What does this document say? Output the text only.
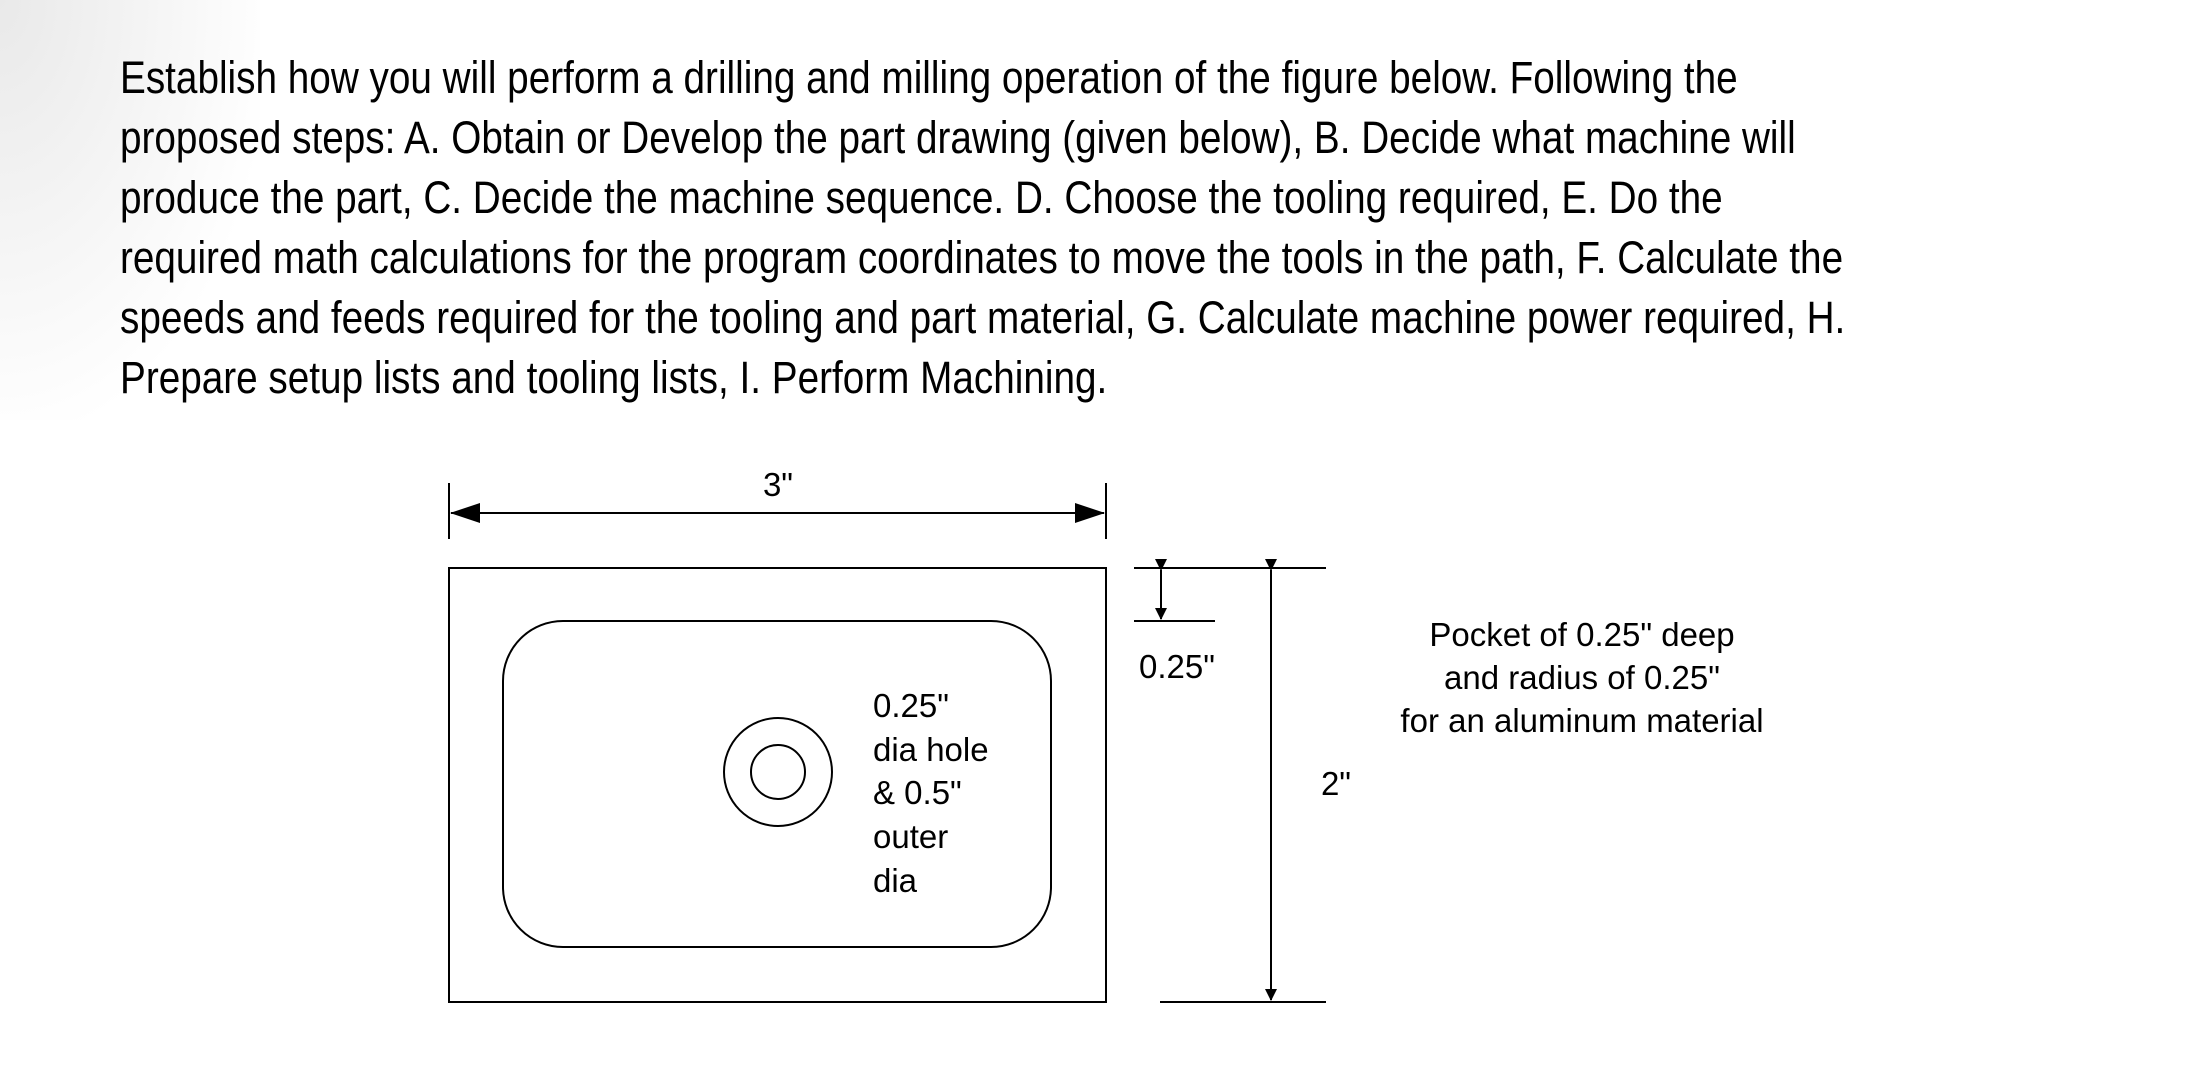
Establish how you will perform a drilling and milling operation of the figure below. Following the proposed steps: A. Obtain or Develop the part drawing (given below), B. Decide what machine will produce the part, C. Decide the machine sequence. D. Choose the tooling required, E. Do the required math calculations for the program coordinates to move the tools in the path, F. Calculate the speeds and feeds required for the tooling and part material, G. Calculate machine power required, H. Prepare setup lists and tooling lists, I. Perform Machining.

3"
0.25"
dia hole
& 0.5"
outer
dia
0.25"
2"
Pocket of 0.25" deep
and radius of 0.25"
for an aluminum material
